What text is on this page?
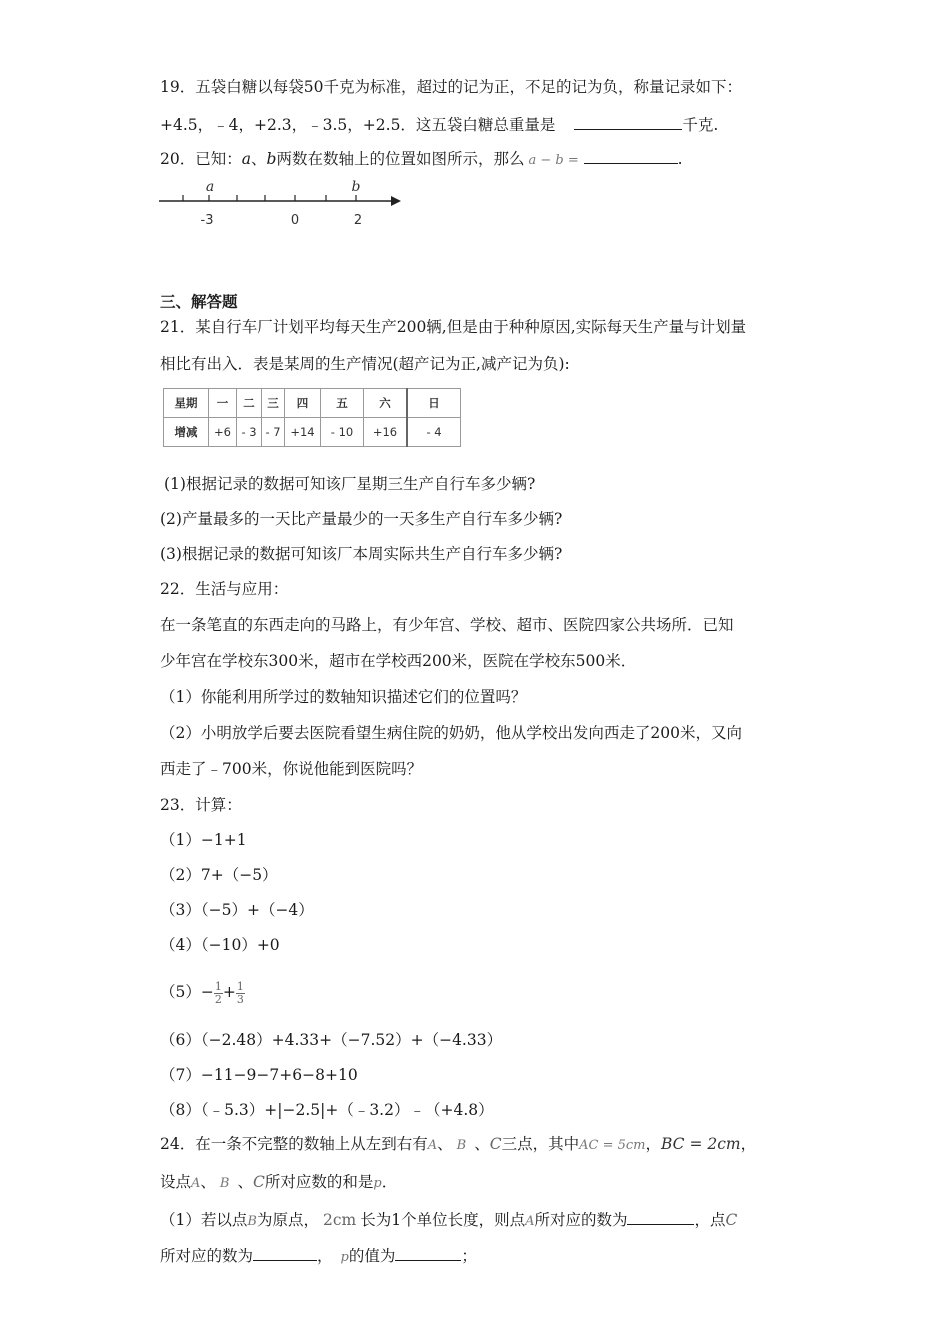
19．五袋白糖以每袋50千克为标准，超过的记为正，不足的记为负，称量记录如下：
+4.5，﹣4，+2.3，﹣3.5，+2.5．这五袋白糖总重量是	千克.
20．已知：a、b两数在数轴上的位置如图所示，那么 a − b =	.
a	b
-3	0	2
三、解答题
21．某自行车厂计划平均每天生产200辆,但是由于种种原因,实际每天生产量与计划量
相比有出入．表是某周的生产情况(超产记为正,减产记为负):
星期	一	二	三	四	五	六	日
增减	+6	- 3	- 7	+14	- 10	+16	- 4
(1)根据记录的数据可知该厂星期三生产自行车多少辆?
(2)产量最多的一天比产量最少的一天多生产自行车多少辆?
(3)根据记录的数据可知该厂本周实际共生产自行车多少辆?
22．生活与应用：
在一条笔直的东西走向的马路上，有少年宫、学校、超市、医院四家公共场所．已知
少年宫在学校东300米，超市在学校西200米，医院在学校东500米．
（1）你能利用所学过的数轴知识描述它们的位置吗？
（2）小明放学后要去医院看望生病住院的奶奶，他从学校出发向西走了200米，又向
西走了﹣700米，你说他能到医院吗？
23．计算：
（1）−1+1
（2）7+（−5）
（3）（−5）+（−4）
（4）（−10）+0
$(5)- \frac{1}{2} + \frac{1}{3}$
（6）（−2.48）+4.33+（−7.52）+（−4.33）
（7）−11−9−7+6−8+10
（8）（﹣5.3）+|−2.5|+（﹣3.2）﹣（+4.8）
24．在一条不完整的数轴上从左到右有A、 B 、C三点，其中AC = 5cm，BC = 2cm，
设点A、 B 、C所对应数的和是p．
（1）若以点B为原点， 2cm 长为1个单位长度，则点A所对应的数为	，点C
所对应的数为	， p的值为	；
